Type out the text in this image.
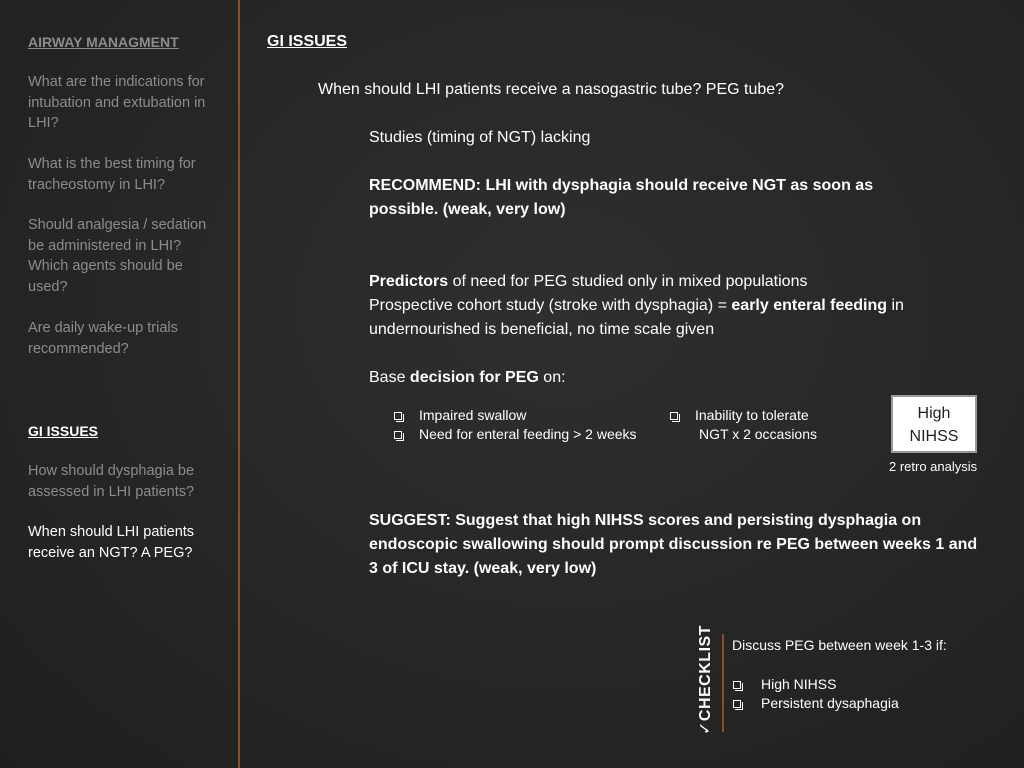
AIRWAY MANAGMENT
What are the indications for intubation and extubation in LHI?
What is the best timing for tracheostomy in LHI?
Should analgesia / sedation be administered in LHI? Which agents should be used?
Are daily wake-up trials recommended?
GI ISSUES
How should dysphagia be assessed in LHI patients?
When should LHI patients receive an NGT? A PEG?
GI ISSUES
When should LHI patients receive a nasogastric tube? PEG tube?
Studies (timing of NGT) lacking
RECOMMEND: LHI with dysphagia should receive NGT as soon as possible. (weak, very low)
Predictors of need for PEG studied only in mixed populations
Prospective cohort study (stroke with dysphagia) = early enteral feeding in undernourished is beneficial, no time scale given
Base decision for PEG on:
Impaired swallow
Need for enteral feeding > 2 weeks
Inability to tolerate
NGT x 2 occasions
High NIHSS
2 retro analysis
SUGGEST: Suggest that high NIHSS scores and persisting dysphagia on endoscopic swallowing should prompt discussion re PEG between weeks 1 and 3 of ICU stay. (weak, very low)
✓CHECKLIST Discuss PEG between week 1-3 if:
High NIHSS
Persistent dysaphagia
